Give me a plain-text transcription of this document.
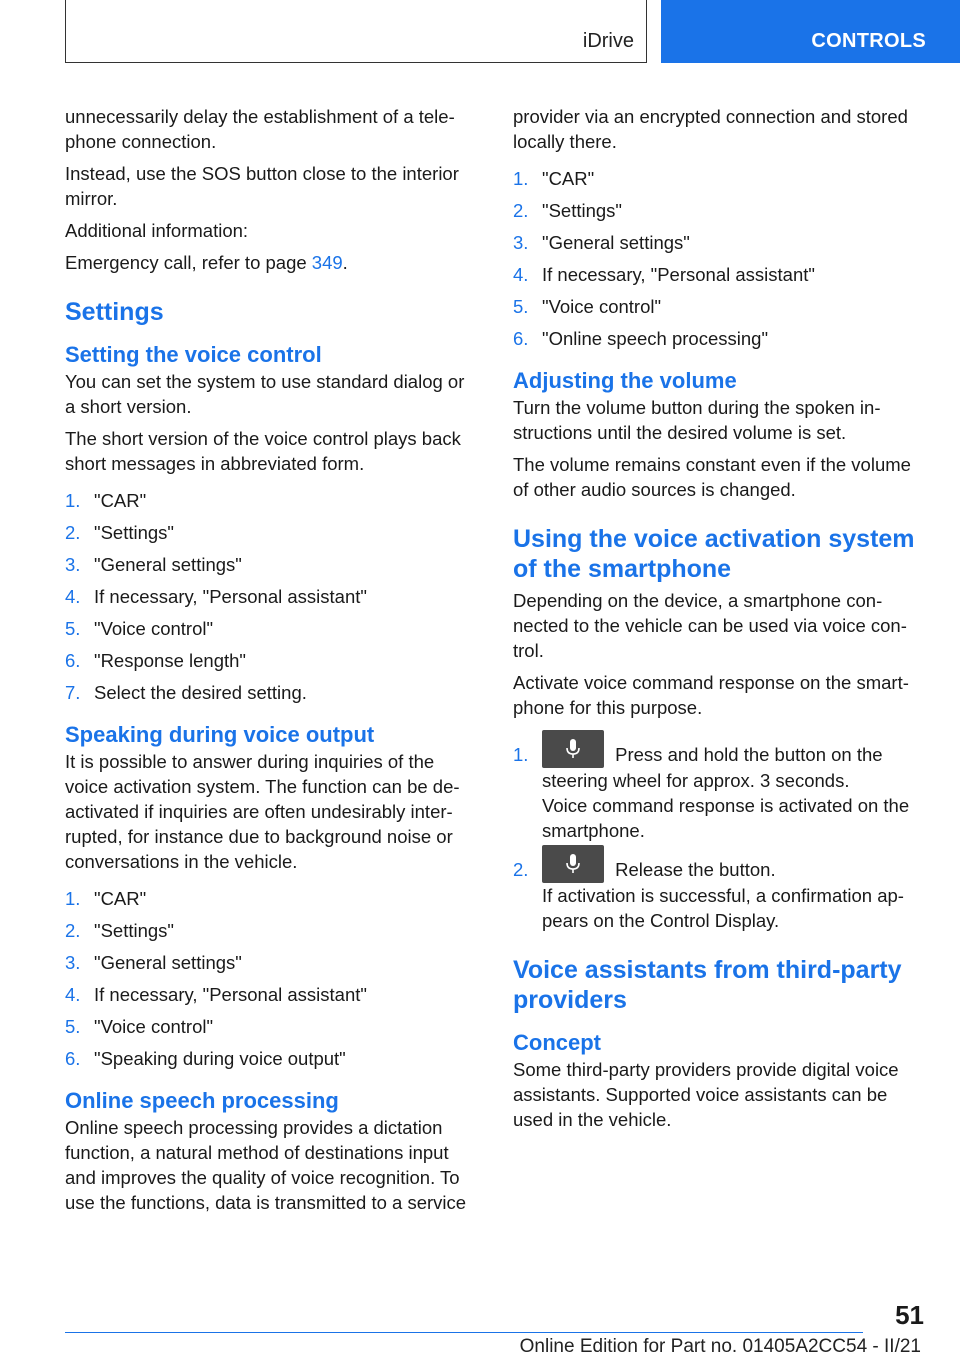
iDrive	CONTROLS

unnecessarily delay the establishment of a telephone connection.

Instead, use the SOS button close to the interior mirror.

Additional information:

Emergency call, refer to page 349.

Settings
Setting the voice control

You can set the system to use standard dialog or a short version.

The short version of the voice control plays back short messages in abbreviated form.

1. "CAR"
2. "Settings"
3. "General settings"
4. If necessary, "Personal assistant"
5. "Voice control"
6. "Response length"
7. Select the desired setting.
Speaking during voice output

It is possible to answer during inquiries of the voice activation system. The function can be deactivated if inquiries are often undesirably interrupted, for instance due to background noise or conversations in the vehicle.

1. "CAR"
2. "Settings"
3. "General settings"
4. If necessary, "Personal assistant"
5. "Voice control"
6. "Speaking during voice output"
Online speech processing

Online speech processing provides a dictation function, a natural method of destinations input and improves the quality of voice recognition. To use the functions, data is transmitted to a service

provider via an encrypted connection and stored locally there.

1. "CAR"
2. "Settings"
3. "General settings"
4. If necessary, "Personal assistant"
5. "Voice control"
6. "Online speech processing"
Adjusting the volume

Turn the volume button during the spoken instructions until the desired volume is set.

The volume remains constant even if the volume of other audio sources is changed.

Using the voice activation system of the smartphone

Depending on the device, a smartphone connected to the vehicle can be used via voice control.

Activate voice command response on the smartphone for this purpose.

1.	Press and hold the button on the steering wheel for approx. 3 seconds.

Voice command response is activated on the smartphone.

2.	Release the button.

If activation is successful, a confirmation appears on the Control Display.

Voice assistants from third-party providers
Concept

Some third-party providers provide digital voice assistants. Supported voice assistants can be used in the vehicle.

51
Online Edition for Part no. 01405A2CC54 - II/21
